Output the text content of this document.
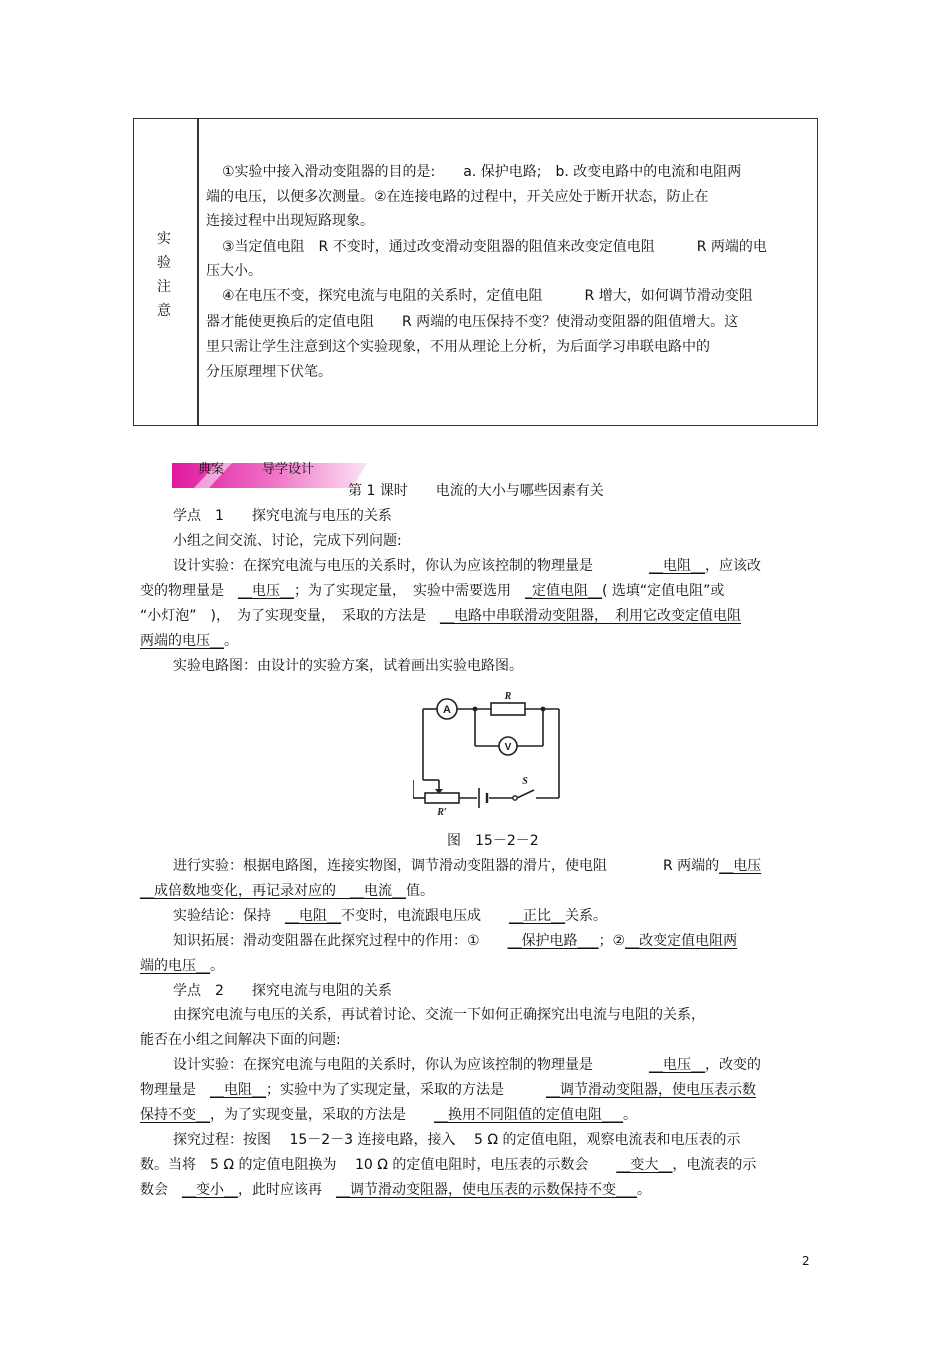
实
验
注
意
①实验中接入滑动变阻器的目的是:　　a. 保护电路;　b. 改变电路中的电流和电阻两
端的电压，以便多次测量。②在连接电路的过程中，开关应处于断开状态，防止在
连接过程中出现短路现象。
③当定值电阻　R 不变时，通过改变滑动变阻器的阻值来改变定值电阻　　　R 两端的电
压大小。
④在电压不变，探究电流与电阻的关系时，定值电阻　　　R 增大，如何调节滑动变阻
器才能使更换后的定值电阻　　R 两端的电压保持不变？使滑动变阻器的阻值增大。这
里只需让学生注意到这个实验现象，不用从理论上分析，为后面学习串联电路中的
分压原理埋下伏笔。
典案	导学设计
第 1 课时　　电流的大小与哪些因素有关
学点　1　　探究电流与电压的关系
小组之间交流、讨论，完成下列问题:
设计实验：在探究电流与电压的关系时，你认为应该控制的物理量是　　　　__电阻__，应该改
变的物理量是　__电压__；为了实现定量，　实验中需要选用　_定值电阻__( 选填“定值电阻”或
“小灯泡”　)，　为了实现变量，　采取的方法是　__电路中串联滑动变阻器，　利用它改变定值电阻
两端的电压__。
实验电路图：由设计的实验方案，试着画出实验电路图。
A
R
V
R′
S
图　15－2－2
进行实验：根据电路图，连接实物图，调节滑动变阻器的滑片，使电阻　　　　R 两端的__电压
__成倍数地变化，再记录对应的　__电流__值。
实验结论：保持　__电阻__不变时，电流跟电压成　　__正比__关系。
知识拓展：滑动变阻器在此探究过程中的作用：①　　__保护电路___；②__改变定值电阻两
端的电压__。
学点　2　　探究电流与电阻的关系
由探究电流与电压的关系，再试着讨论、交流一下如何正确探究出电流与电阻的关系，
能否在小组之间解决下面的问题:
设计实验：在探究电流与电阻的关系时，你认为应该控制的物理量是　　　　__电压__，改变的
物理量是　__电阻__；实验中为了实现定量，采取的方法是　　　__调节滑动变阻器，使电压表示数
保持不变__，为了实现变量，采取的方法是　　__换用不同阻值的定值电阻___。
探究过程：按图　 15－2－3 连接电路，接入　 5 Ω 的定值电阻，观察电流表和电压表的示
数。当将　5 Ω 的定值电阻换为　 10 Ω 的定值电阻时，电压表的示数会　　__变大__，电流表的示
数会　__变小__，此时应该再　__调节滑动变阻器，使电压表的示数保持不变___。
2
